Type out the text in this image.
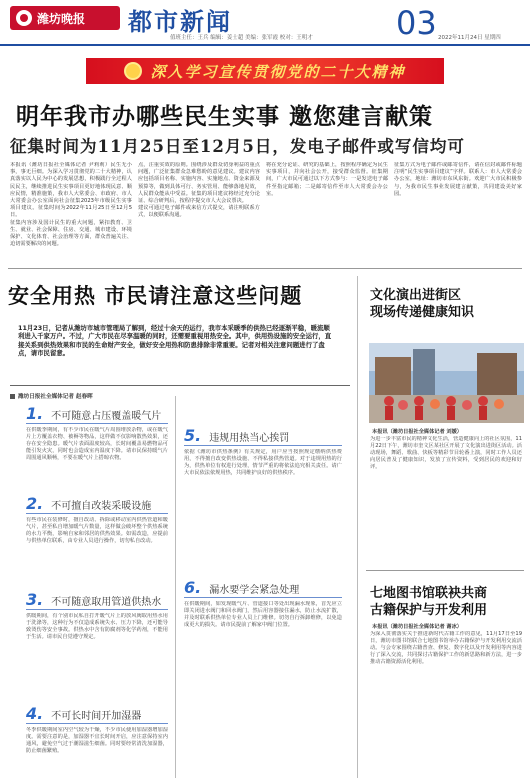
潍坊晚报 都市新闻	03
值班主任：王兵 编辑：姜士超 美编：张军霞 校对：王明才	2022年11月24日 星期四
深入学习宣传贯彻党的二十大精神
明年我市办哪些民生实事 邀您建言献策
征集时间为11月25日至12月5日，发电子邮件或写信均可

本报讯（潍坊日报社全媒体记者 尹莉莉）民生无小事，事无巨细。为深入学习贯彻党的二十大精神，认真落实以人民为中心的发展思想，积极践行全过程人民民主，继续推进民生实事项目更好地体现民意、顺应民情，精准施策，我市人大常委会、市政府、市人大常委会办公室面向社会征集2023年市级民生实事项目建议。征集时间为2022年11月25日至12月5日。

征集内容涉及国计民生的重大问题，紧扣教育、卫生、就业、社会保障、住房、交通、城市建设、环境保护、文化体育、社会治理等方面，群众普遍关注、迫切需要解决的问题。

点，注重实效的原则。围绕涉及群众切身利益的重点问题，广泛征集群众急难愁盼的意见建议。建议内容应包括项目名称、实施内容、实施地点、资金来源及预算等，做到具体可行、务实管用、能够落地见效，人民群众能从中受益。征集的项目建议将经过充分论证、综合研判后，按程序提交市人大会议票决。

建议可通过电子邮件或来信方式提交，请注明联系方式，以便联系沟通。

将在充分论证、研究的基础上，按照程序确定为民生实事项目，并向社会公开，接受群众监督。征集期间，广大市民可通过以下方式参与：一是发送电子邮件至指定邮箱；二是邮寄信件至市人大常委会办公室。

征集方式为电子邮件或邮寄信件，请在信封或邮件标题注明“民生实事项目建议”字样。联系人：市人大常委会办公室，地址：潍坊市东风东街。欢迎广大市民积极参与，为我市民生事业发展建言献策，共同建设美好家园。

安全用热 市民请注意这些问题
11月23日，记者从潍坊市城市管理局了解到，经过十余天的运行，我市本采暖季的供热已经逐渐平稳，暖流顺利进入千家万户。不过，广大市民在尽享温暖的同时，还需要重视用热安全。其中，供用热设施的安全运行，直接关系到供热效果和市民的生命财产安全，做好安全用热和防患排除非常重要。记者对相关注意问题进行了盘点，请市民留意。
潍坊日报社全媒体记者 赵春晖
1. 不可随意占压覆盖暖气片
在供暖季期间，有不少市民在暖气片周围堆放杂物，或在暖气片上方覆盖衣物、被褥等物品，这样做不仅影响散热效果，还存在安全隐患。暖气片表面温度较高，长时间覆盖易燃物品可能引发火灾，同时也会造成室内温度下降。请市民保持暖气片周围通风顺畅，不要在暖气片上搭晾衣物。
2. 不可擅自改装采暖设施
有些市民在装修时，擅自改动、拆除或移动室内供热管道和暖气片，甚至私自增加暖气片数量，这样做会破坏整个供热系统的水力平衡，影响自家和邻居的供热效果。如需改造，应提前与供热单位联系，由专业人员进行操作，切勿私自改动。
3. 不可随意取用管道供热水
供暖期间，有个别市民私自打开暖气片上的放风阀取用热水用于洗涤等，这种行为不仅造成系统失水、压力下降，还可能导致烫伤等安全事故。供热水中含有防腐剂等化学药剂，不能用于生活。请市民自觉遵守规定。
4. 不可长时间开加湿器
冬季供暖期间室内空气较为干燥，不少市民使用加湿器增加湿度。需要注意的是，加湿器不宜长时间开启，应注意保持室内通风，避免空气过于潮湿滋生细菌。同时要经常清洗加湿器，防止细菌繁殖。
5. 违规用热当心挨罚
依据《潍坊市供热条例》有关规定，用户应当按照规定缴纳供热费用，不得擅自改变供热设施、不得私接供热管道。对于违规用热的行为，供热单位有权进行处理，情节严重的将依法追究相关责任。请广大市民依法依规用热，共同维护良好的供热秩序。
6. 漏水要学会紧急处理
在供暖期间，如发现暖气片、管道接口等处出现漏水现象，首先应立即关闭进水阀门和回水阀门，然后用容器接住漏水，防止水流扩散，并及时联系供热单位专业人员上门维修。切勿自行拆卸维修，以免造成更大的损失。请市民提前了解家中阀门位置。
文化演出进街区
现场传递健康知识
本报讯（潍坊日报社全媒体记者 刘媛）
为进一步丰富市民的精神文化生活，营造健康向上的社区氛围，11月22日下午，潍坊市奎文区某社区开展了文化演出进街区活动。活动现场，舞蹈、歌曲、快板等精彩节目轮番上演，同时工作人员还向居民普及了健康知识，发放了宣传资料，受到居民的欢迎和好评。
七地图书馆联袂共商
古籍保护与开发利用
本报讯（潍坊日报社全媒体记者 谢冰）
为深入贯彻落实关于推进新时代古籍工作的意见，11月17日至19日，潍坊市图书馆联合七地图书馆举办古籍保护与开发利用交流活动。与会专家围绕古籍普查、修复、数字化以及开发利用等内容进行了深入交流，共同探讨古籍保护工作的新思路和新方法，进一步推动古籍资源活化利用。
